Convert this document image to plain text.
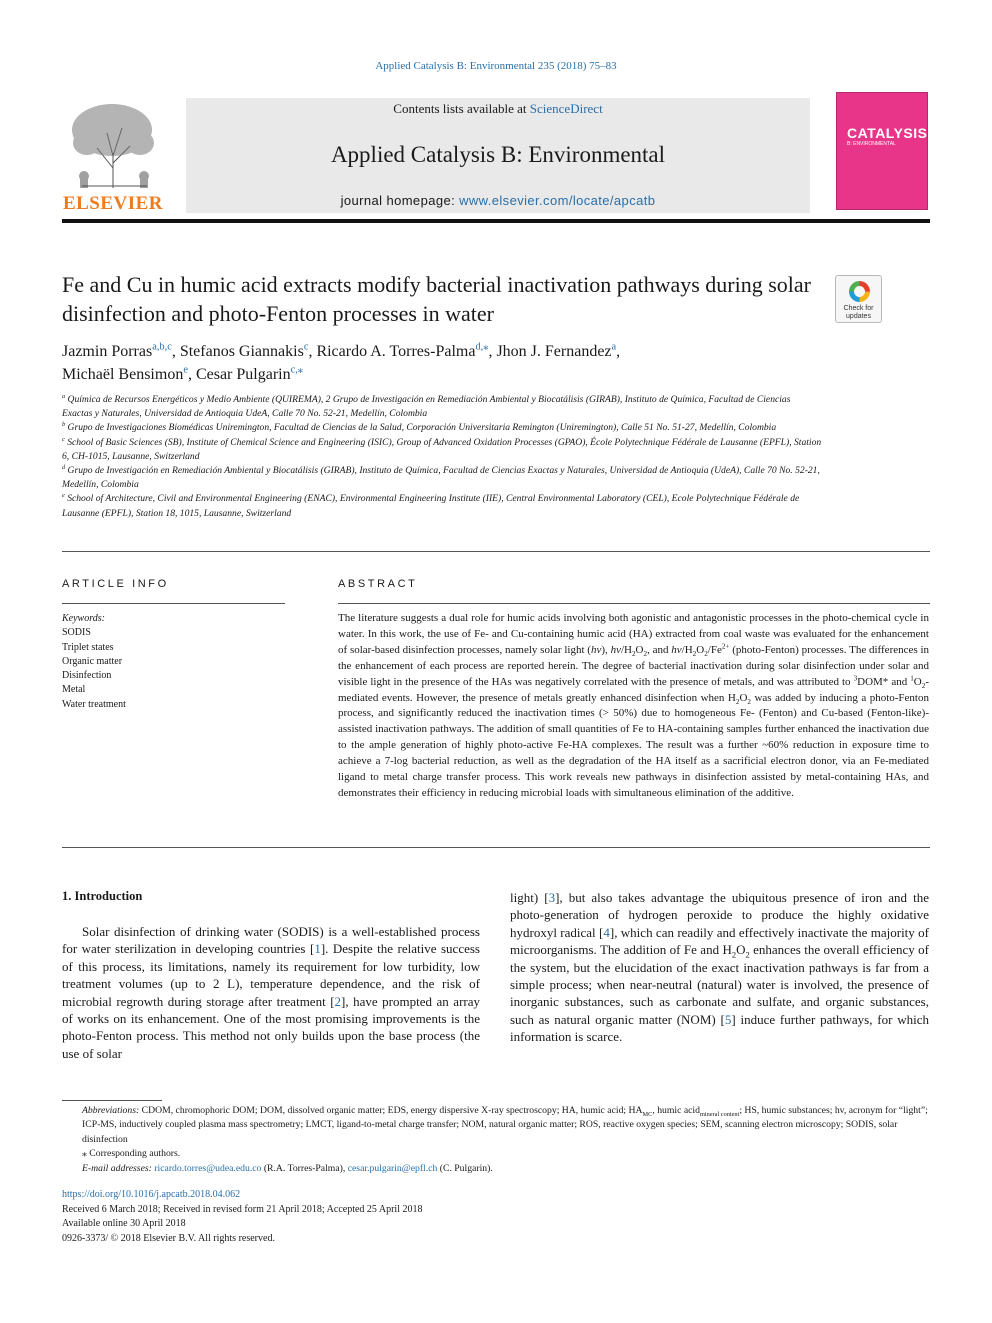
Applied Catalysis B: Environmental 235 (2018) 75–83
ELSEVIER
Contents lists available at ScienceDirect
Applied Catalysis B: Environmental
journal homepage: www.elsevier.com/locate/apcatb
CATALYSIS
B: ENVIRONMENTAL
Fe and Cu in humic acid extracts modify bacterial inactivation pathways during solar disinfection and photo-Fenton processes in water	Check for updates
Jazmin Porras$^{a,b,c}$, Stefanos Giannakis$^c$, Ricardo A. Torres-Palma$^{d,⁎}$, Jhon J. Fernandez$^a$,
Michaël Bensimon$^e$, Cesar Pulgarin$^{c,⁎}$
$^a$ Química de Recursos Energéticos y Medio Ambiente (QUIREMA), 2 Grupo de Investigación en Remediación Ambiental y Biocatálisis (GIRAB), Instituto de Química, Facultad de Ciencias Exactas y Naturales, Universidad de Antioquia UdeA, Calle 70 No. 52-21, Medellín, Colombia
$^b$ Grupo de Investigaciones Biomédicas Uniremington, Facultad de Ciencias de la Salud, Corporación Universitaria Remington (Uniremington), Calle 51 No. 51-27, Medellín, Colombia
$^c$ School of Basic Sciences (SB), Institute of Chemical Science and Engineering (ISIC), Group of Advanced Oxidation Processes (GPAO), École Polytechnique Fédérale de Lausanne (EPFL), Station 6, CH-1015, Lausanne, Switzerland
$^d$ Grupo de Investigación en Remediación Ambiental y Biocatálisis (GIRAB), Instituto de Química, Facultad de Ciencias Exactas y Naturales, Universidad de Antioquia (UdeA), Calle 70 No. 52-21, Medellín, Colombia
$^e$ School of Architecture, Civil and Environmental Engineering (ENAC), Environmental Engineering Institute (IIE), Central Environmental Laboratory (CEL), Ecole Polytechnique Fédérale de Lausanne (EPFL), Station 18, 1015, Lausanne, Switzerland
ARTICLE INFO	ABSTRACT
Keywords:
SODIS
Triplet states
Organic matter
Disinfection
Metal
Water treatment
The literature suggests a dual role for humic acids involving both agonistic and antagonistic processes in the photo-chemical cycle in water. In this work, the use of Fe- and Cu-containing humic acid (HA) extracted from coal waste was evaluated for the enhancement of solar-based disinfection processes, namely solar light (hv), $hv/H_2O_2$, and $hv/H_2O_2/Fe^{2+}$ (photo-Fenton) processes. The differences in the enhancement of each process are reported herein. The degree of bacterial inactivation during solar disinfection under solar and visible light in the presence of the HAs was negatively correlated with the presence of metals, and was attributed to $^3$DOM* and $^1O_2$-mediated events. However, the presence of metals greatly enhanced disinfection when $H_2O_2$ was added by inducing a photo-Fenton process, and significantly reduced the inactivation times (> 50%) due to homogeneous Fe- (Fenton) and Cu-based (Fenton-like)-assisted inactivation pathways. The addition of small quantities of Fe to HA-containing samples further enhanced the inactivation due to the ample generation of highly photo-active Fe-HA complexes. The result was a further ~60% reduction in exposure time to achieve a 7-log bacterial reduction, as well as the degradation of the HA itself as a sacrificial electron donor, via an Fe-mediated ligand to metal charge transfer process. This work reveals new pathways in disinfection assisted by metal-containing HAs, and demonstrates their efficiency in reducing microbial loads with simultaneous elimination of the additive.
1. Introduction
Solar disinfection of drinking water (SODIS) is a well-established process for water sterilization in developing countries [1]. Despite the relative success of this process, its limitations, namely its requirement for low turbidity, low treatment volumes (up to 2 L), temperature dependence, and the risk of microbial regrowth during storage after treatment [2], have prompted an array of works on its enhancement. One of the most promising improvements is the photo-Fenton process. This method not only builds upon the base process (the use of solar
light) [3], but also takes advantage the ubiquitous presence of iron and the photo-generation of hydrogen peroxide to produce the highly oxidative hydroxyl radical [4], which can readily and effectively inactivate the majority of microorganisms. The addition of Fe and $H_2O_2$ enhances the overall efficiency of the system, but the elucidation of the exact inactivation pathways is far from a simple process; when near-neutral (natural) water is involved, the presence of inorganic substances, such as carbonate and sulfate, and organic substances, such as natural organic matter (NOM) [5] induce further pathways, for which information is scarce.
Abbreviations: CDOM, chromophoric DOM; DOM, dissolved organic matter; EDS, energy dispersive X-ray spectroscopy; HA, humic acid; $HA_{MC}$, humic acid$_{mineral content}$; HS, humic substances; hv, acronym for “light”; ICP-MS, inductively coupled plasma mass spectrometry; LMCT, ligand-to-metal charge transfer; NOM, natural organic matter; ROS, reactive oxygen species; SEM, scanning electron microscopy; SODIS, solar disinfection
⁎ Corresponding authors.
E-mail addresses: ricardo.torres@udea.edu.co (R.A. Torres-Palma), cesar.pulgarin@epfl.ch (C. Pulgarin).
https://doi.org/10.1016/j.apcatb.2018.04.062
Received 6 March 2018; Received in revised form 21 April 2018; Accepted 25 April 2018
Available online 30 April 2018
0926-3373/ © 2018 Elsevier B.V. All rights reserved.
